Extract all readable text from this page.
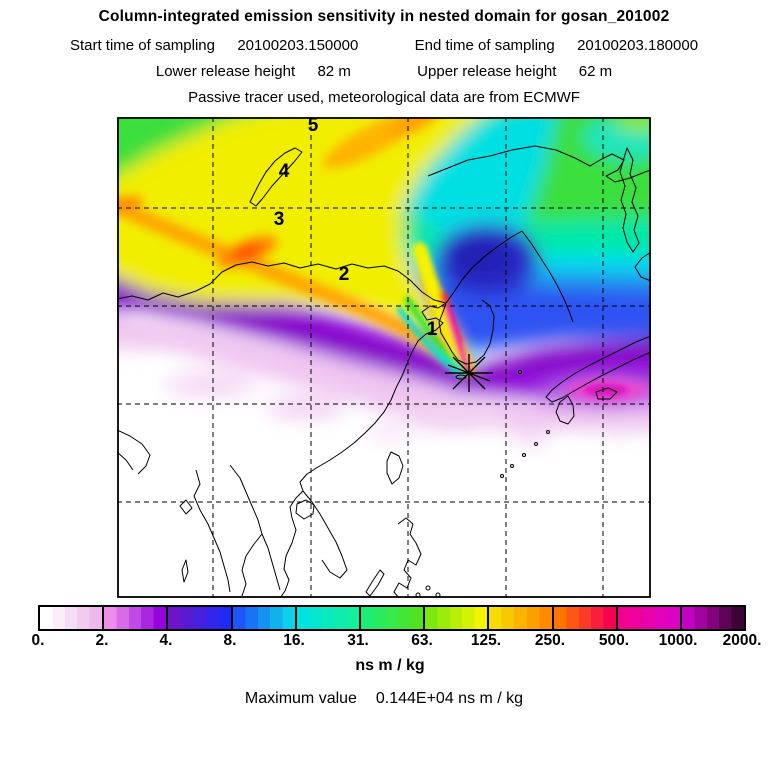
Column-integrated emission sensitivity in nested domain for gosan_201002
Start time of sampling 20100203.150000	End time of sampling 20100203.180000
Lower release height 82 m	Upper release height 62 m
Passive tracer used, meteorological data are from ECMWF
1
2
3
4
5
0.	2.	4.	8.	16.	31.	63. 125. 250. 500. 1000. 2000.
ns m / kg
Maximum value 0.144E+04 ns m / kg
